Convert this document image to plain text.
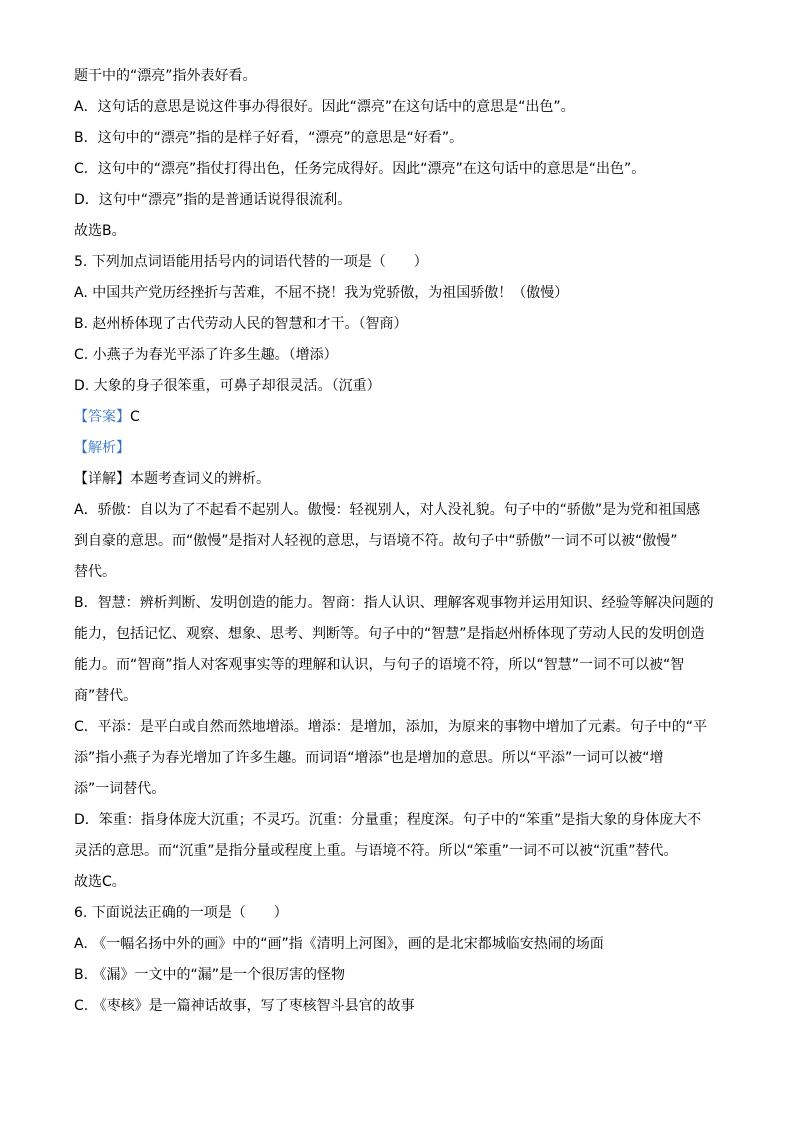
题干中的“漂亮”指外表好看。
A．这句话的意思是说这件事办得很好。因此“漂亮”在这句话中的意思是“出色”。
B．这句中的“漂亮”指的是样子好看，“漂亮”的意思是“好看”。
C．这句中的“漂亮”指仗打得出色，任务完成得好。因此“漂亮”在这句话中的意思是“出色”。
D．这句中“漂亮”指的是普通话说得很流利。
故选B。
5. 下列加点词语能用括号内的词语代替的一项是（　　）
A. 中国共产党历经挫折与苦难，不屈不挠！我为党骄傲，为祖国骄傲！（傲慢）
B. 赵州桥体现了古代劳动人民的智慧和才干。（智商）
C. 小燕子为春光平添了许多生趣。（增添）
D. 大象的身子很笨重，可鼻子却很灵活。（沉重）
【答案】C
【解析】
【详解】本题考查词义的辨析。
A．骄傲：自以为了不起看不起别人。傲慢：轻视别人，对人没礼貌。句子中的“骄傲”是为党和祖国感
到自豪的意思。而“傲慢”是指对人轻视的意思，与语境不符。故句子中“骄傲”一词不可以被“傲慢”
替代。
B．智慧：辨析判断、发明创造的能力。智商：指人认识、理解客观事物并运用知识、经验等解决问题的
能力，包括记忆、观察、想象、思考、判断等。句子中的“智慧”是指赵州桥体现了劳动人民的发明创造
能力。而“智商”指人对客观事实等的理解和认识，与句子的语境不符，所以“智慧”一词不可以被“智
商”替代。
C．平添：是平白或自然而然地增添。增添：是增加，添加，为原来的事物中增加了元素。句子中的“平
添”指小燕子为春光增加了许多生趣。而词语“增添”也是增加的意思。所以“平添”一词可以被“增
添”一词替代。
D．笨重：指身体庞大沉重；不灵巧。沉重：分量重；程度深。句子中的“笨重”是指大象的身体庞大不
灵活的意思。而“沉重”是指分量或程度上重。与语境不符。所以“笨重”一词不可以被“沉重”替代。
故选C。
6. 下面说法正确的一项是（　　）
A. 《一幅名扬中外的画》中的“画”指《清明上河图》，画的是北宋都城临安热闹的场面
B. 《漏》一文中的“漏”是一个很厉害的怪物
C. 《枣核》是一篇神话故事，写了枣核智斗县官的故事
